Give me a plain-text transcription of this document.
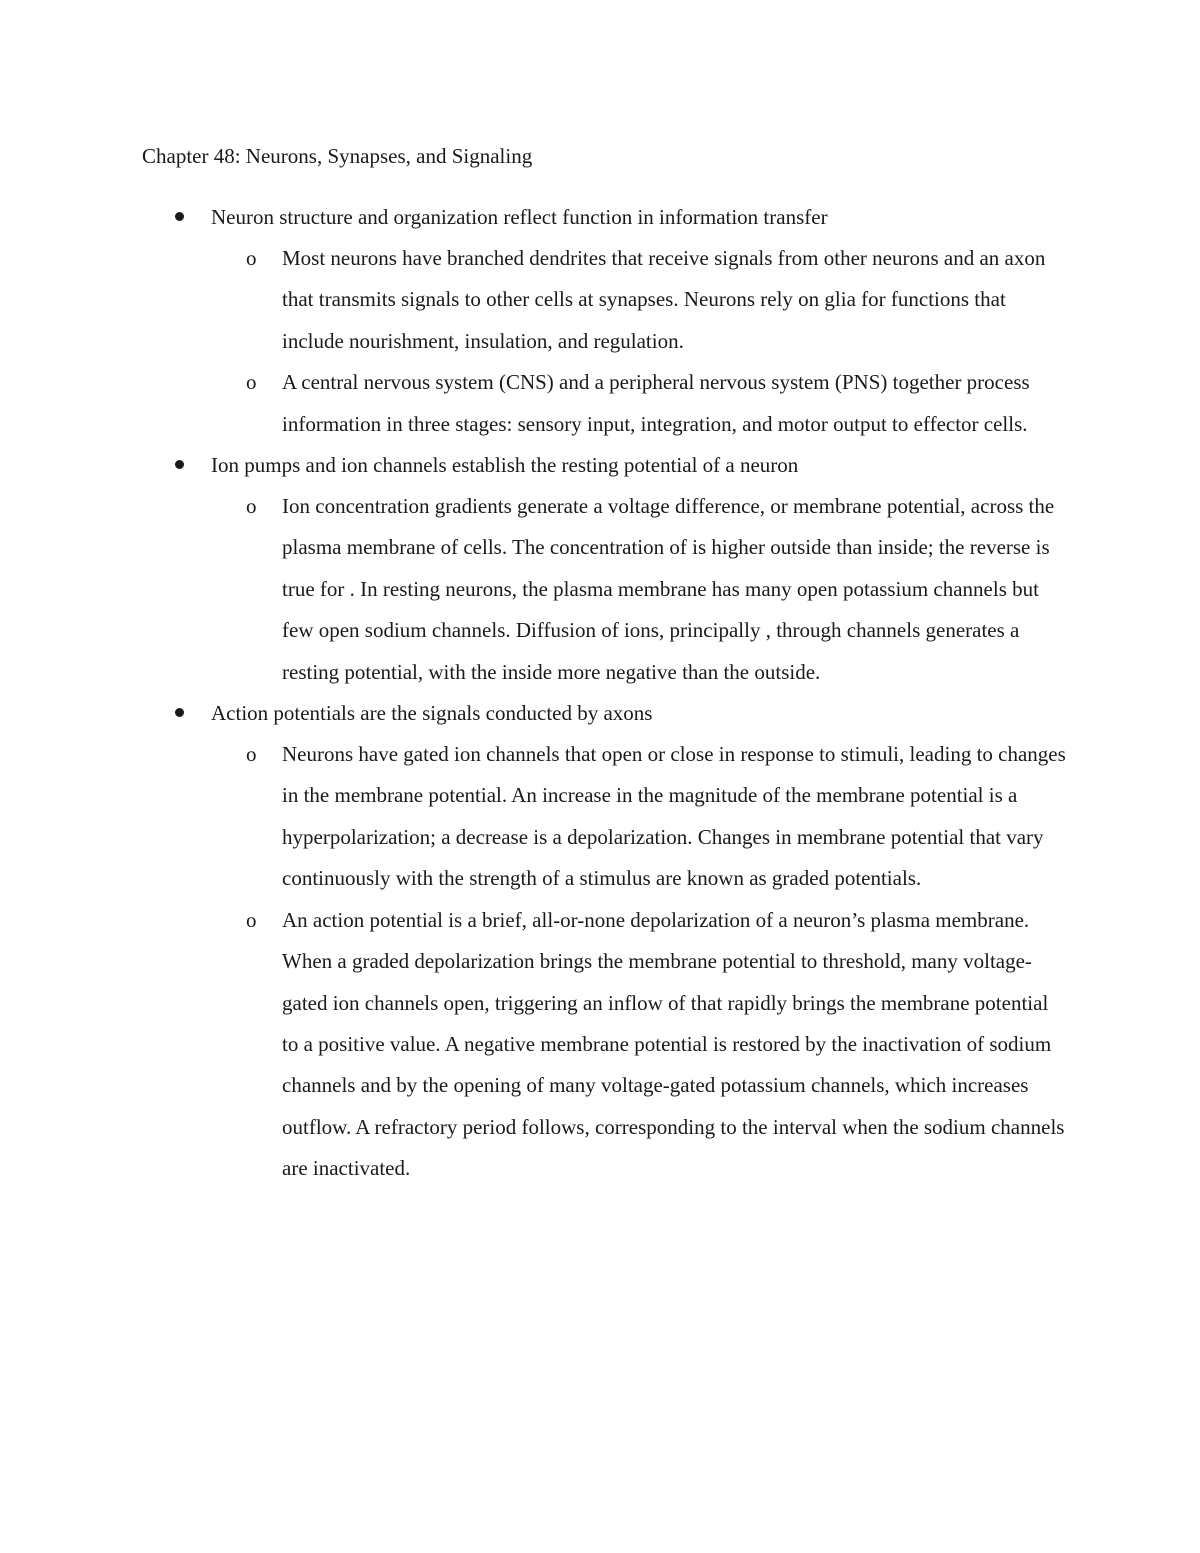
Chapter 48: Neurons, Synapses, and Signaling
Neuron structure and organization reflect function in information transfer
o Most neurons have branched dendrites that receive signals from other neurons and an axon that transmits signals to other cells at synapses. Neurons rely on glia for functions that include nourishment, insulation, and regulation.
o A central nervous system (CNS) and a peripheral nervous system (PNS) together process information in three stages: sensory input, integration, and motor output to effector cells.
Ion pumps and ion channels establish the resting potential of a neuron
o Ion concentration gradients generate a voltage difference, or membrane potential, across the plasma membrane of cells. The concentration of is higher outside than inside; the reverse is true for . In resting neurons, the plasma membrane has many open potassium channels but few open sodium channels. Diffusion of ions, principally , through channels generates a resting potential, with the inside more negative than the outside.
Action potentials are the signals conducted by axons
o Neurons have gated ion channels that open or close in response to stimuli, leading to changes in the membrane potential. An increase in the magnitude of the membrane potential is a hyperpolarization; a decrease is a depolarization. Changes in membrane potential that vary continuously with the strength of a stimulus are known as graded potentials.
o An action potential is a brief, all-or-none depolarization of a neuron’s plasma membrane. When a graded depolarization brings the membrane potential to threshold, many voltage-gated ion channels open, triggering an inflow of that rapidly brings the membrane potential to a positive value. A negative membrane potential is restored by the inactivation of sodium channels and by the opening of many voltage-gated potassium channels, which increases outflow. A refractory period follows, corresponding to the interval when the sodium channels are inactivated.
